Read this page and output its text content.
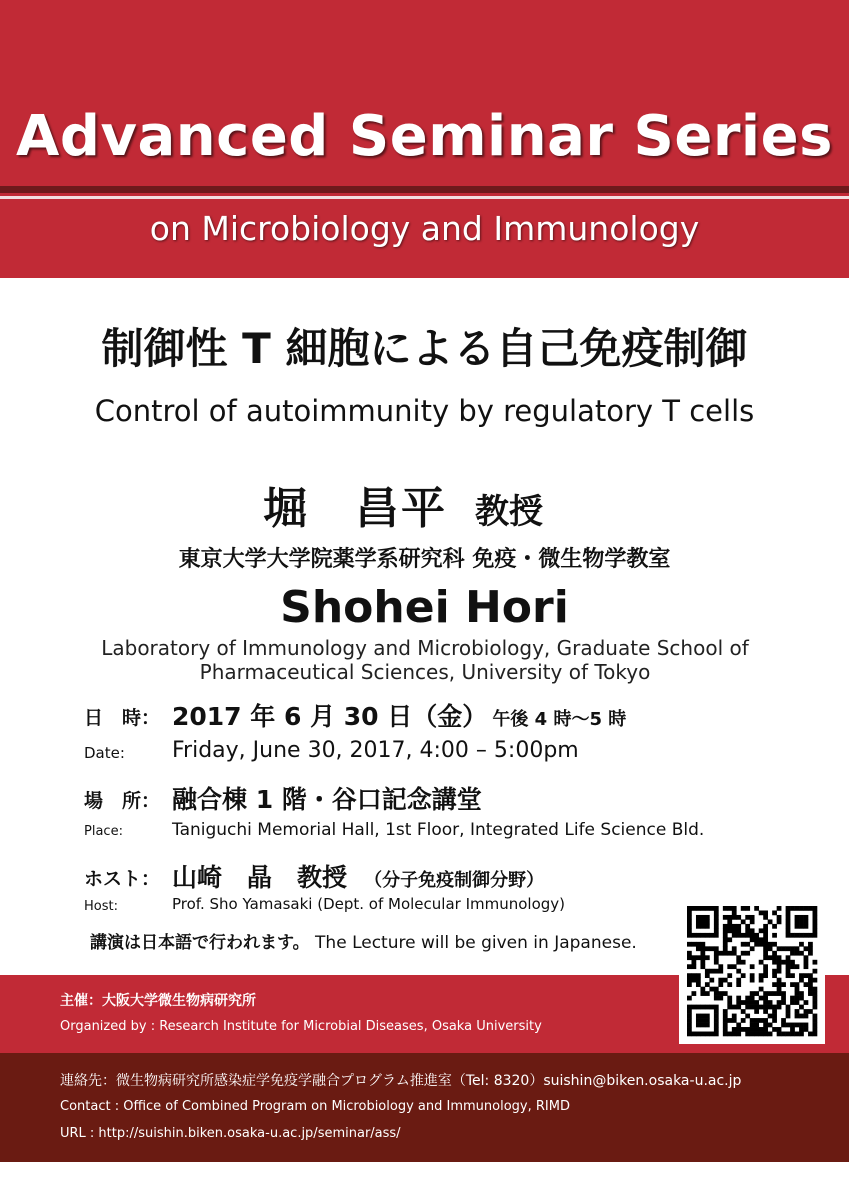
Advanced Seminar Series
on Microbiology and Immunology
制御性 T 細胞による自己免疫制御
Control of autoimmunity by regulatory T cells
堀　昌平 教授
東京大学大学院薬学系研究科 免疫・微生物学教室
Shohei Hori
Laboratory of Immunology and Microbiology, Graduate School of Pharmaceutical Sciences, University of Tokyo
日　時： 2017 年 6 月 30 日（金） 午後 4 時〜5 時
Date: Friday, June 30, 2017, 4:00 – 5:00pm
場　所： 融合棟 1 階・谷口記念講堂
Place:	Taniguchi Memorial Hall, 1st Floor, Integrated Life Science Bld.
ホスト： 山崎　晶　教授 （分子免疫制御分野）
Host:	Prof. Sho Yamasaki (Dept. of Molecular Immunology)
講演は日本語で行われます。 The Lecture will be given in Japanese.
主催：大阪大学微生物病研究所
Organized by : Research Institute for Microbial Diseases, Osaka University
連絡先：微生物病研究所感染症学免疫学融合プログラム推進室（Tel: 8320）suishin@biken.osaka-u.ac.jp
Contact : Office of Combined Program on Microbiology and Immunology, RIMD
URL : http://suishin.biken.osaka-u.ac.jp/seminar/ass/
